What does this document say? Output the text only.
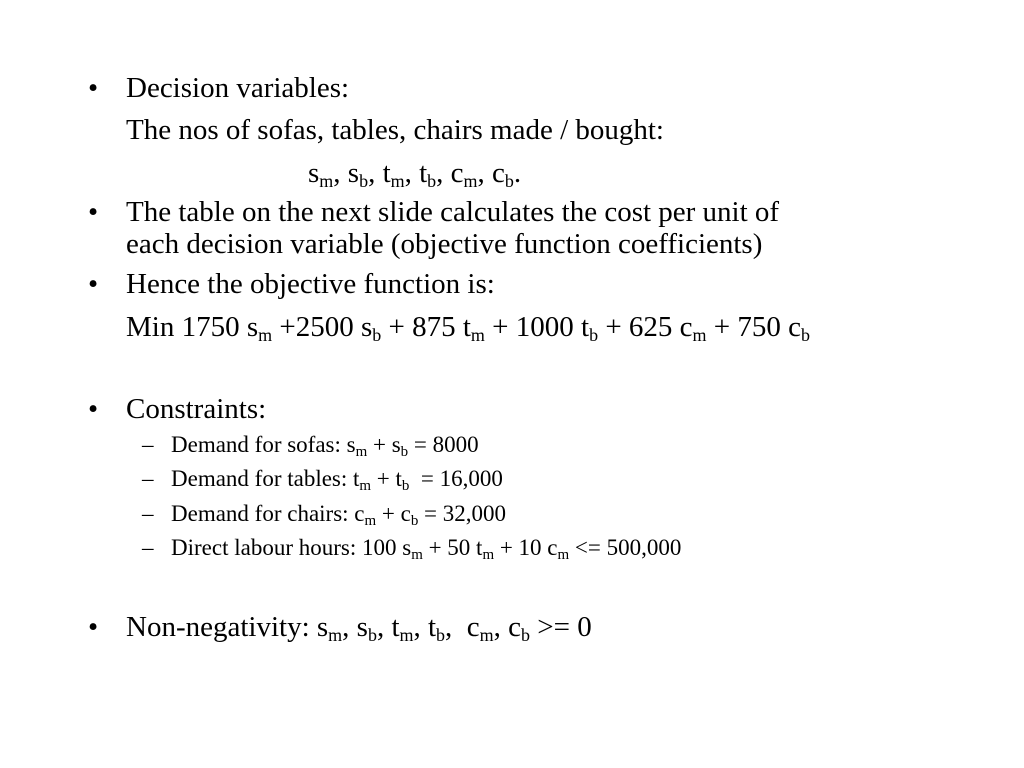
• Decision variables:
The nos of sofas, tables, chairs made / bought:
$s_m$, $s_b$, $t_m$, $t_b$, $c_m$, $c_b$.
• The table on the next slide calculates the cost per unit of
each decision variable (objective function coefficients)
• Hence the objective function is:
Min 1750 $s_m +2500$ $s_b + 875$ $t_m + 1000$ $t_b + 625$ $c_m + 750$ $c_b$
• Constraints:
– Demand for sofas: $s_m + s_b = 8000$
– Demand for tables: $t_m + t_b = 16,000$
– Demand for chairs: $c_m + c_b = 32,000$
– Direct labour hours: 100 $s_m + 50$ $t_m + 10$ $c_m <= 500,000$
• Non-negativity: $s_m$, $s_b$, $t_m$, $t_b$,  $c_m$, $c_b >= 0$
